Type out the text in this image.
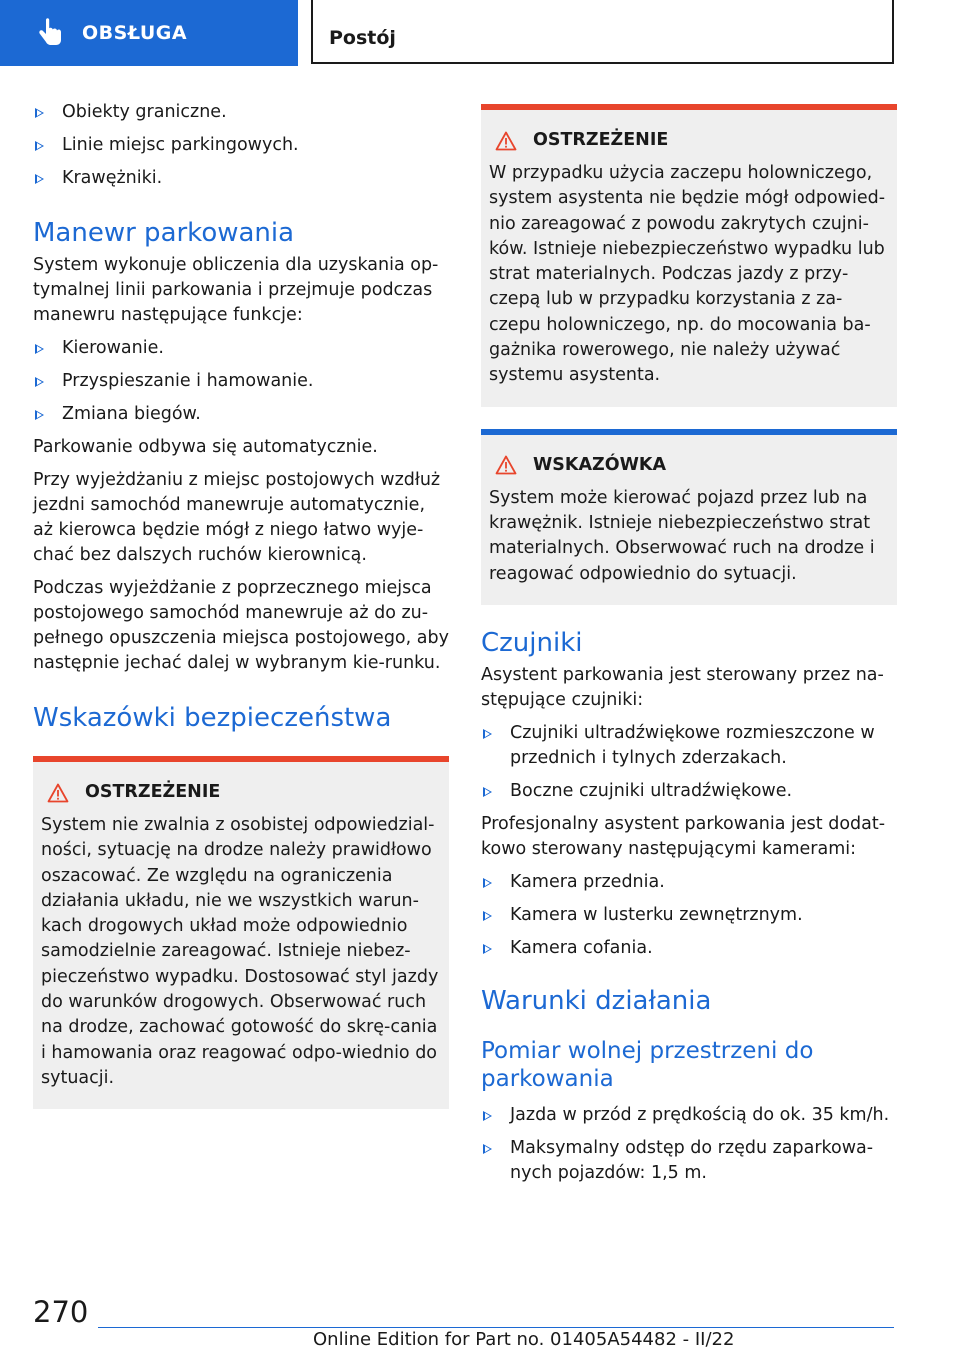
OBSŁUGA	Postój
Obiekty graniczne.
Linie miejsc parkingowych.
Krawężniki.
Manewr parkowania

System wykonuje obliczenia dla uzyskania op‐tymalnej linii parkowania i przejmuje podczas manewru następujące funkcje:

Kierowanie.
Przyspieszanie i hamowanie.
Zmiana biegów.

Parkowanie odbywa się automatycznie.

Przy wyjeżdżaniu z miejsc postojowych wzdłuż jezdni samochód manewruje automatycznie, aż kierowca będzie mógł z niego łatwo wyje‐chać bez dalszych ruchów kierownicą.

Podczas wyjeżdżanie z poprzecznego miejsca postojowego samochód manewruje aż do zu‐pełnego opuszczenia miejsca postojowego, aby następnie jechać dalej w wybranym kie‐runku.

Wskazówki bezpieczeństwa
OSTRZEŻENIE

System nie zwalnia z osobistej odpowiedzial‐ności, sytuację na drodze należy prawidłowo oszacować. Ze względu na ograniczenia działania układu, nie we wszystkich warun‐kach drogowych układ może odpowiednio samodzielnie zareagować. Istnieje niebez‐pieczeństwo wypadku. Dostosować styl jazdy do warunków drogowych. Obserwować ruch na drodze, zachować gotowość do skrę‐cania i hamowania oraz reagować odpo‐wiednio do sytuacji.

OSTRZEŻENIE

W przypadku użycia zaczepu holowniczego, system asystenta nie będzie mógł odpowied‐nio zareagować z powodu zakrytych czujni‐ków. Istnieje niebezpieczeństwo wypadku lub strat materialnych. Podczas jazdy z przy‐czepą lub w przypadku korzystania z za‐czepu holowniczego, np. do mocowania ba‐gażnika rowerowego, nie należy używać systemu asystenta.

WSKAZÓWKA

System może kierować pojazd przez lub na krawężnik. Istnieje niebezpieczeństwo strat materialnych. Obserwować ruch na drodze i reagować odpowiednio do sytuacji.

Czujniki

Asystent parkowania jest sterowany przez na‐stępujące czujniki:

Czujniki ultradźwiękowe rozmieszczone w przednich i tylnych zderzakach.
Boczne czujniki ultradźwiękowe.

Profesjonalny asystent parkowania jest dodat‐kowo sterowany następującymi kamerami:

Kamera przednia.
Kamera w lusterku zewnętrznym.
Kamera cofania.
Warunki działania
Pomiar wolnej przestrzeni do parkowania
Jazda w przód z prędkością do ok. 35 km/h.
Maksymalny odstęp do rzędu zaparkowa‐nych pojazdów: 1,5 m.
270
Online Edition for Part no. 01405A54482 - II/22
